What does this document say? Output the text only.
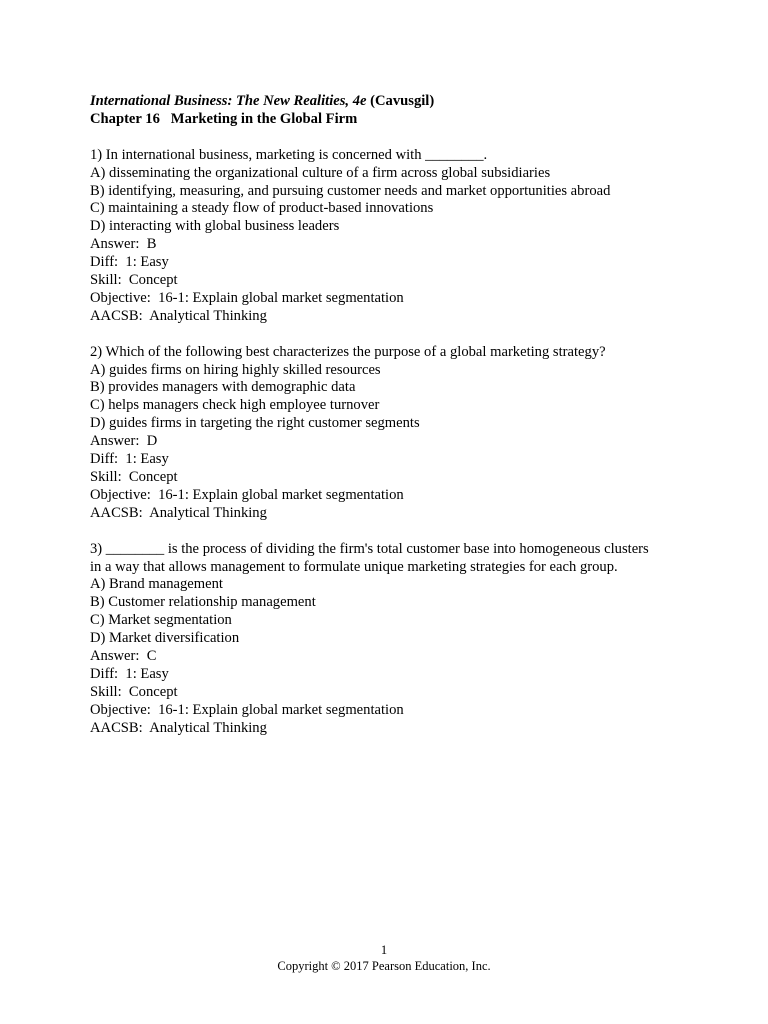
International Business: The New Realities, 4e (Cavusgil)
Chapter 16   Marketing in the Global Firm
1) In international business, marketing is concerned with ________.
A) disseminating the organizational culture of a firm across global subsidiaries
B) identifying, measuring, and pursuing customer needs and market opportunities abroad
C) maintaining a steady flow of product-based innovations
D) interacting with global business leaders
Answer:  B
Diff:  1: Easy
Skill:  Concept
Objective:  16-1: Explain global market segmentation
AACSB:  Analytical Thinking
2) Which of the following best characterizes the purpose of a global marketing strategy?
A) guides firms on hiring highly skilled resources
B) provides managers with demographic data
C) helps managers check high employee turnover
D) guides firms in targeting the right customer segments
Answer:  D
Diff:  1: Easy
Skill:  Concept
Objective:  16-1: Explain global market segmentation
AACSB:  Analytical Thinking
3) ________ is the process of dividing the firm's total customer base into homogeneous clusters
in a way that allows management to formulate unique marketing strategies for each group.
A) Brand management
B) Customer relationship management
C) Market segmentation
D) Market diversification
Answer:  C
Diff:  1: Easy
Skill:  Concept
Objective:  16-1: Explain global market segmentation
AACSB:  Analytical Thinking
1
Copyright © 2017 Pearson Education, Inc.
